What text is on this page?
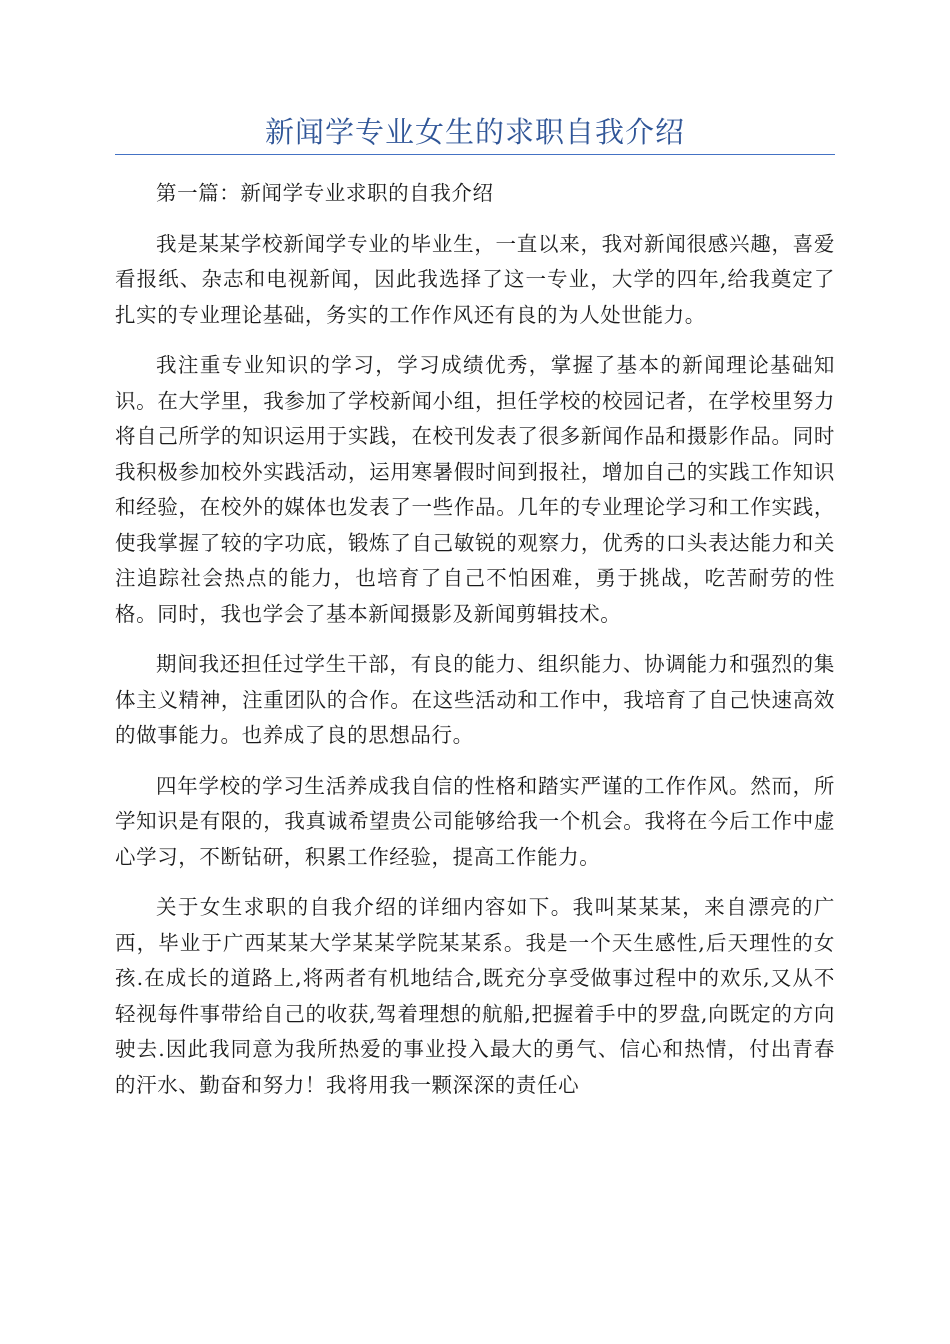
新闻学专业女生的求职自我介绍

第一篇：新闻学专业求职的自我介绍

我是某某学校新闻学专业的毕业生，一直以来，我对新闻很感兴趣，喜爱看报纸、杂志和电视新闻，因此我选择了这一专业，大学的四年,给我奠定了扎实的专业理论基础，务实的工作作风还有良的为人处世能力。

我注重专业知识的学习，学习成绩优秀，掌握了基本的新闻理论基础知识。在大学里，我参加了学校新闻小组，担任学校的校园记者，在学校里努力将自己所学的知识运用于实践，在校刊发表了很多新闻作品和摄影作品。同时我积极参加校外实践活动，运用寒暑假时间到报社，增加自己的实践工作知识和经验，在校外的媒体也发表了一些作品。几年的专业理论学习和工作实践，使我掌握了较的字功底，锻炼了自己敏锐的观察力，优秀的口头表达能力和关注追踪社会热点的能力，也培育了自己不怕困难，勇于挑战，吃苦耐劳的性格。同时，我也学会了基本新闻摄影及新闻剪辑技术。

期间我还担任过学生干部，有良的能力、组织能力、协调能力和强烈的集体主义精神，注重团队的合作。在这些活动和工作中，我培育了自己快速高效的做事能力。也养成了良的思想品行。

四年学校的学习生活养成我自信的性格和踏实严谨的工作作风。然而，所学知识是有限的，我真诚希望贵公司能够给我一个机会。我将在今后工作中虚心学习，不断钻研，积累工作经验，提高工作能力。

关于女生求职的自我介绍的详细内容如下。我叫某某某，来自漂亮的广西，毕业于广西某某大学某某学院某某系。我是一个天生感性,后天理性的女孩.在成长的道路上,将两者有机地结合,既充分享受做事过程中的欢乐,又从不轻视每件事带给自己的收获,驾着理想的航船,把握着手中的罗盘,向既定的方向驶去.因此我同意为我所热爱的事业投入最大的勇气、信心和热情，付出青春的汗水、勤奋和努力！我将用我一颗深深的责任心
